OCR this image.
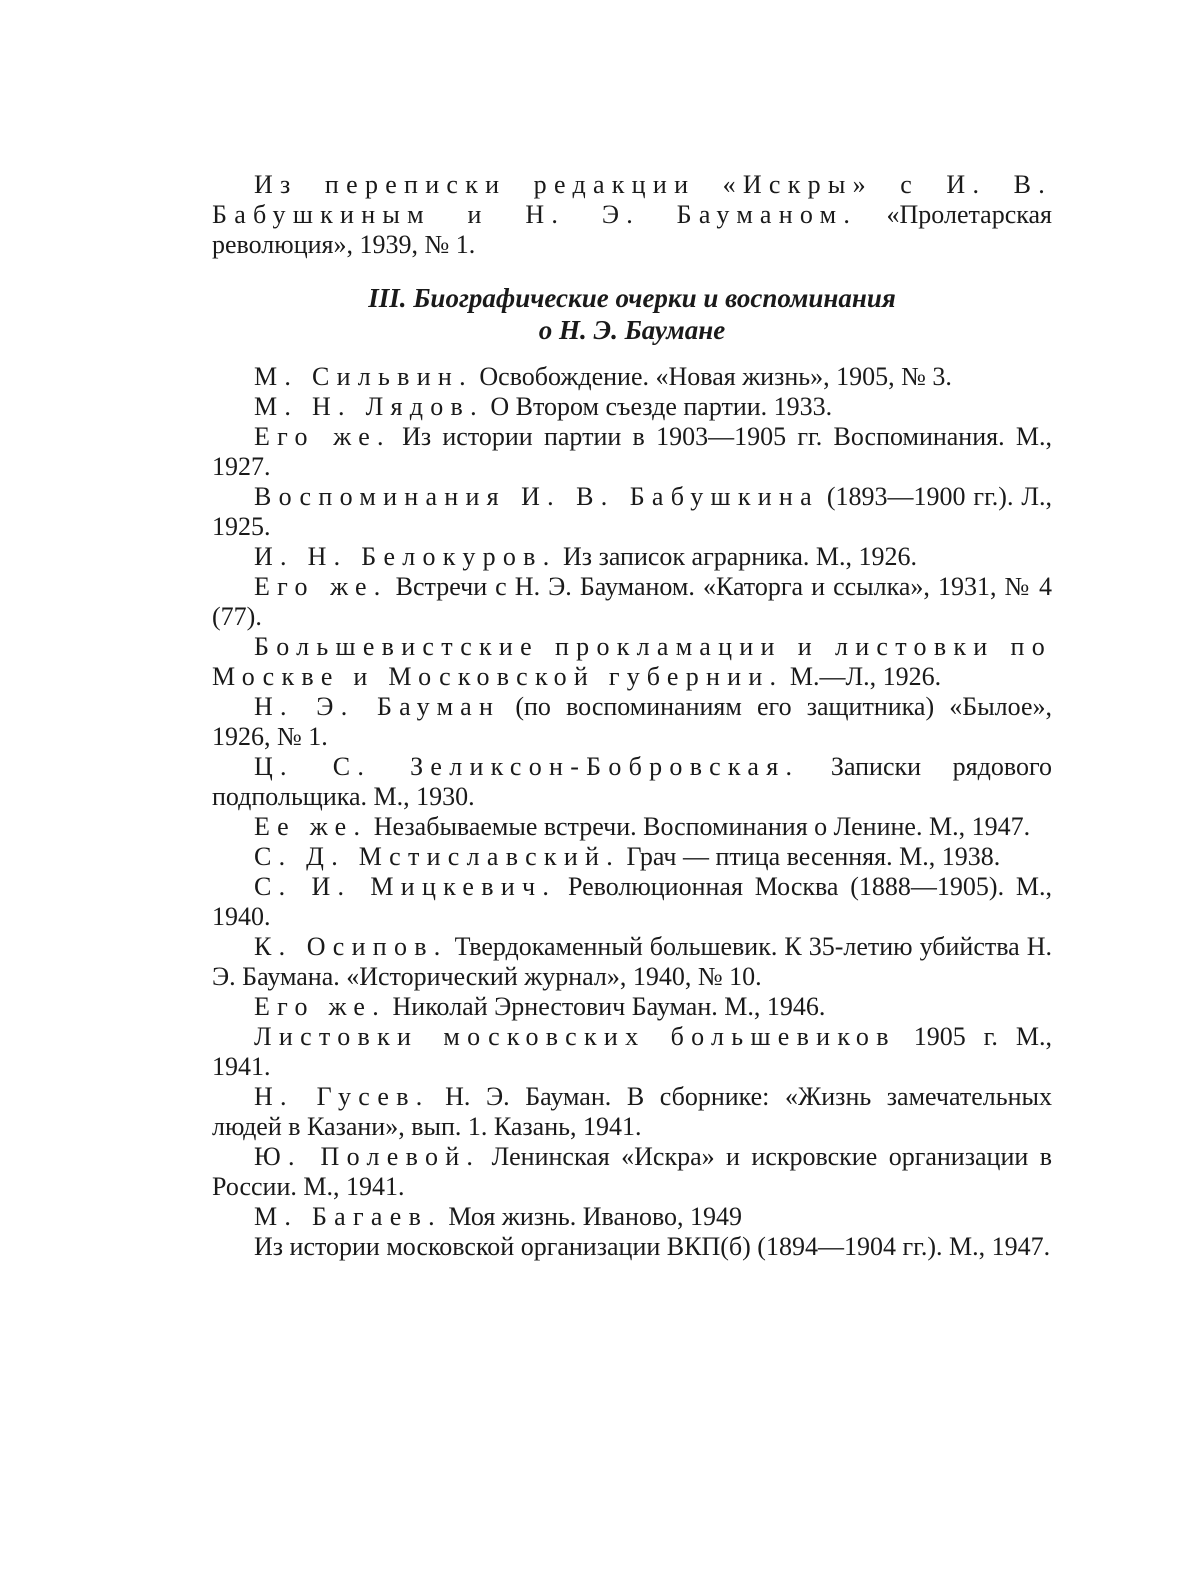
Из переписки редакции «Искры» с И. В. Бабушкиным и Н. Э. Бауманом. «Пролетарская революция», 1939, № 1.

III. Биографические очерки и воспоминания
о Н. Э. Баумане

М. Сильвин. Освобождение. «Новая жизнь», 1905, № 3.

М. Н. Лядов. О Втором съезде партии. 1933.

Его же. Из истории партии в 1903—1905 гг. Воспоминания. М., 1927.

Воспоминания И. В. Бабушкина (1893—1900 гг.). Л., 1925.

И. Н. Белокуров. Из записок аграрника. М., 1926.

Его же. Встречи с Н. Э. Бауманом. «Каторга и ссылка», 1931, № 4 (77).

Большевистские прокламации и листовки по Москве и Московской губернии. М.—Л., 1926.

Н. Э. Бауман (по воспоминаниям его защитника) «Былое», 1926, № 1.

Ц. С. Зеликсон-Бобровская. Записки рядового подпольщика. М., 1930.

Ее же. Незабываемые встречи. Воспоминания о Ленине. М., 1947.

С. Д. Мстиславский. Грач — птица весенняя. М., 1938.

С. И. Мицкевич. Революционная Москва (1888—1905). М., 1940.

К. Осипов. Твердокаменный большевик. К 35-летию убийства Н. Э. Баумана. «Исторический журнал», 1940, № 10.

Его же. Николай Эрнестович Бауман. М., 1946.

Листовки московских большевиков 1905 г. М., 1941.

Н. Гусев. Н. Э. Бауман. В сборнике: «Жизнь замечательных людей в Казани», вып. 1. Казань, 1941.

Ю. Полевой. Ленинская «Искра» и искровские организации в России. М., 1941.

М. Багаев. Моя жизнь. Иваново, 1949

Из истории московской организации ВКП(б) (1894—1904 гг.). М., 1947.
